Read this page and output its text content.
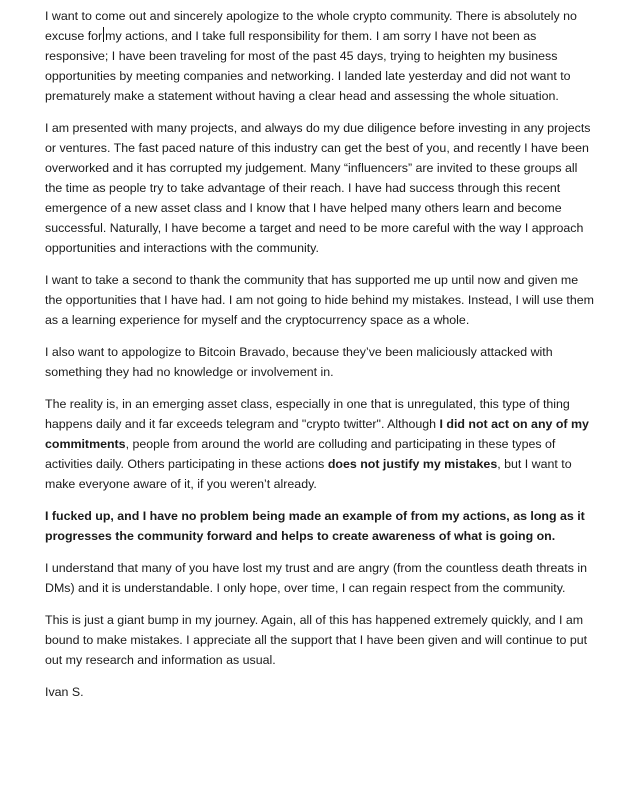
I want to come out and sincerely apologize to the whole crypto community. There is absolutely no excuse for my actions, and I take full responsibility for them. I am sorry I have not been as responsive; I have been traveling for most of the past 45 days, trying to heighten my business opportunities by meeting companies and networking. I landed late yesterday and did not want to prematurely make a statement without having a clear head and assessing the whole situation.

I am presented with many projects, and always do my due diligence before investing in any projects or ventures. The fast paced nature of this industry can get the best of you, and recently I have been overworked and it has corrupted my judgement. Many “influencers” are invited to these groups all the time as people try to take advantage of their reach. I have had success through this recent emergence of a new asset class and I know that I have helped many others learn and become successful. Naturally, I have become a target and need to be more careful with the way I approach opportunities and interactions with the community.

I want to take a second to thank the community that has supported me up until now and given me the opportunities that I have had. I am not going to hide behind my mistakes. Instead, I will use them as a learning experience for myself and the cryptocurrency space as a whole.

I also want to appologize to Bitcoin Bravado, because they’ve been maliciously attacked with something they had no knowledge or involvement in.

The reality is, in an emerging asset class, especially in one that is unregulated, this type of thing happens daily and it far exceeds telegram and "crypto twitter". Although I did not act on any of my commitments, people from around the world are colluding and participating in these types of activities daily. Others participating in these actions does not justify my mistakes, but I want to make everyone aware of it, if you weren’t already.

I fucked up, and I have no problem being made an example of from my actions, as long as it progresses the community forward and helps to create awareness of what is going on.

I understand that many of you have lost my trust and are angry (from the countless death threats in DMs) and it is understandable. I only hope, over time, I can regain respect from the community.

This is just a giant bump in my journey. Again, all of this has happened extremely quickly, and I am bound to make mistakes. I appreciate all the support that I have been given and will continue to put out my research and information as usual.

Ivan S.
